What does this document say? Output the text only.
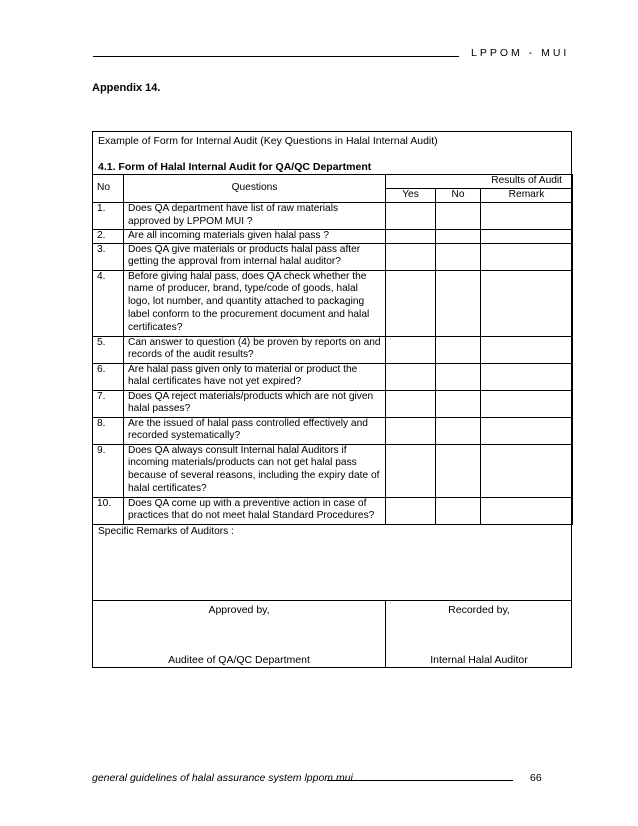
LPPOM - MUI
Appendix 14.
Example of Form for Internal Audit (Key Questions in Halal Internal Audit)
4.1. Form of Halal Internal Audit for QA/QC Department
No	Questions	Results of Audit		
		Yes	No	Remark
1.	Does QA department have list of raw materials approved by LPPOM MUI ?			
2.	Are all incoming materials given halal pass ?			
3.	Does QA give materials or products halal pass after getting the approval from internal halal auditor?			
4.	Before giving halal pass, does QA check whether the name of producer, brand, type/code of goods, halal logo, lot number, and quantity attached to packaging label conform to the procurement document and halal certificates?			
5.	Can answer to question (4) be proven by reports on and records of the audit results?			
6.	Are halal pass given only to material or product the halal certificates have not yet expired?			
7.	Does QA reject materials/products which are not given halal passes?			
8.	Are the issued of halal pass controlled effectively and recorded systematically?			
9.	Does QA always consult Internal halal Auditors if incoming materials/products can not get halal pass because of several reasons, including the expiry date of halal certificates?			
10.	Does QA come up with a preventive action in case of practices that do not meet halal Standard Procedures?			
Specific Remarks of Auditors :
Approved by,
Auditee of QA/QC Department
Recorded by,
Internal Halal Auditor
general guidelines of halal assurance system lppom mui	66
